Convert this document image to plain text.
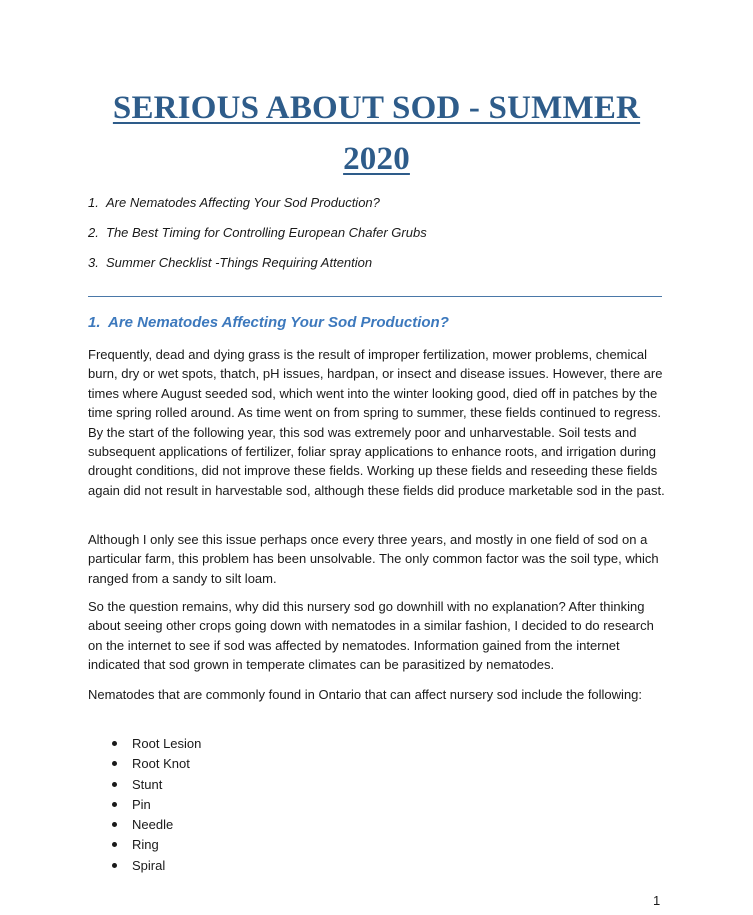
SERIOUS ABOUT SOD - SUMMER
2020
1. Are Nematodes Affecting Your Sod Production?
2. The Best Timing for Controlling European Chafer Grubs
3. Summer Checklist -Things Requiring Attention
1. Are Nematodes Affecting Your Sod Production?

Frequently, dead and dying grass is the result of improper fertilization, mower problems, chemical burn, dry or wet spots, thatch, pH issues, hardpan, or insect and disease issues. However, there are times where August seeded sod, which went into the winter looking good, died off in patches by the time spring rolled around. As time went on from spring to summer, these fields continued to regress. By the start of the following year, this sod was extremely poor and unharvestable. Soil tests and subsequent applications of fertilizer, foliar spray applications to enhance roots, and irrigation during drought conditions, did not improve these fields. Working up these fields and reseeding these fields again did not result in harvestable sod, although these fields did produce marketable sod in the past.

Although I only see this issue perhaps once every three years, and mostly in one field of sod on a particular farm, this problem has been unsolvable. The only common factor was the soil type, which ranged from a sandy to silt loam.

So the question remains, why did this nursery sod go downhill with no explanation? After thinking about seeing other crops going down with nematodes in a similar fashion, I decided to do research on the internet to see if sod was affected by nematodes. Information gained from the internet indicated that sod grown in temperate climates can be parasitized by nematodes.

Nematodes that are commonly found in Ontario that can affect nursery sod include the following:

Root Lesion
Root Knot
Stunt
Pin
Needle
Ring
Spiral
1
